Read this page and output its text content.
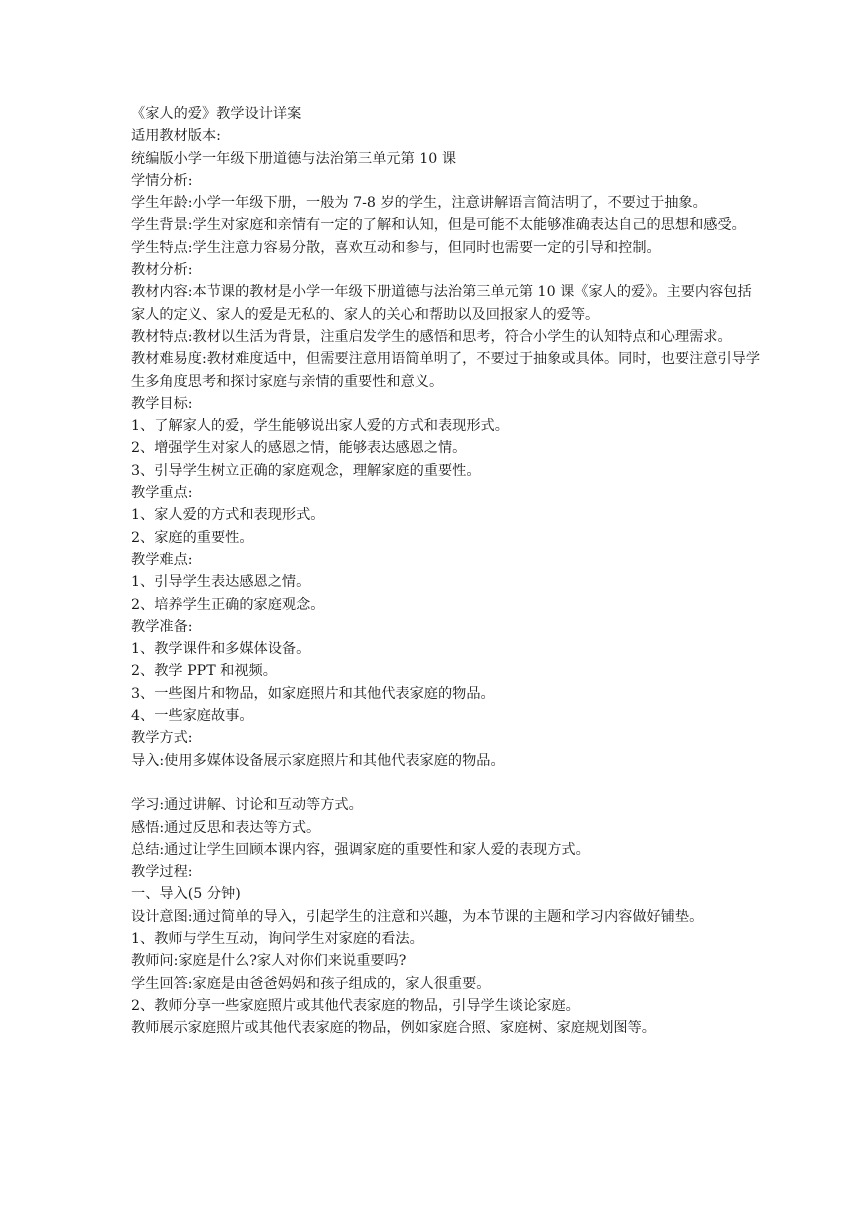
《家人的爱》教学设计详案
适用教材版本:
统编版小学一年级下册道德与法治第三单元第 10 课
学情分析:
学生年龄:小学一年级下册，一般为 7-8 岁的学生，注意讲解语言简洁明了，不要过于抽象。
学生背景:学生对家庭和亲情有一定的了解和认知，但是可能不太能够准确表达自己的思想和感受。
学生特点:学生注意力容易分散，喜欢互动和参与，但同时也需要一定的引导和控制。
教材分析:
教材内容:本节课的教材是小学一年级下册道德与法治第三单元第 10 课《家人的爱》。主要内容包括家人的定义、家人的爱是无私的、家人的关心和帮助以及回报家人的爱等。
教材特点:教材以生活为背景，注重启发学生的感悟和思考，符合小学生的认知特点和心理需求。
教材难易度:教材难度适中，但需要注意用语简单明了，不要过于抽象或具体。同时，也要注意引导学生多角度思考和探讨家庭与亲情的重要性和意义。
教学目标:
1、了解家人的爱，学生能够说出家人爱的方式和表现形式。
2、增强学生对家人的感恩之情，能够表达感恩之情。
3、引导学生树立正确的家庭观念，理解家庭的重要性。
教学重点:
1、家人爱的方式和表现形式。
2、家庭的重要性。
教学难点:
1、引导学生表达感恩之情。
2、培养学生正确的家庭观念。
教学准备:
1、教学课件和多媒体设备。
2、教学 PPT 和视频。
3、一些图片和物品，如家庭照片和其他代表家庭的物品。
4、一些家庭故事。
教学方式:
导入:使用多媒体设备展示家庭照片和其他代表家庭的物品。
学习:通过讲解、讨论和互动等方式。
感悟:通过反思和表达等方式。
总结:通过让学生回顾本课内容，强调家庭的重要性和家人爱的表现方式。
教学过程:
一、导入(5 分钟)
设计意图:通过简单的导入，引起学生的注意和兴趣，为本节课的主题和学习内容做好铺垫。
1、教师与学生互动，询问学生对家庭的看法。
教师问:家庭是什么?家人对你们来说重要吗?
学生回答:家庭是由爸爸妈妈和孩子组成的，家人很重要。
2、教师分享一些家庭照片或其他代表家庭的物品，引导学生谈论家庭。
教师展示家庭照片或其他代表家庭的物品，例如家庭合照、家庭树、家庭规划图等。
